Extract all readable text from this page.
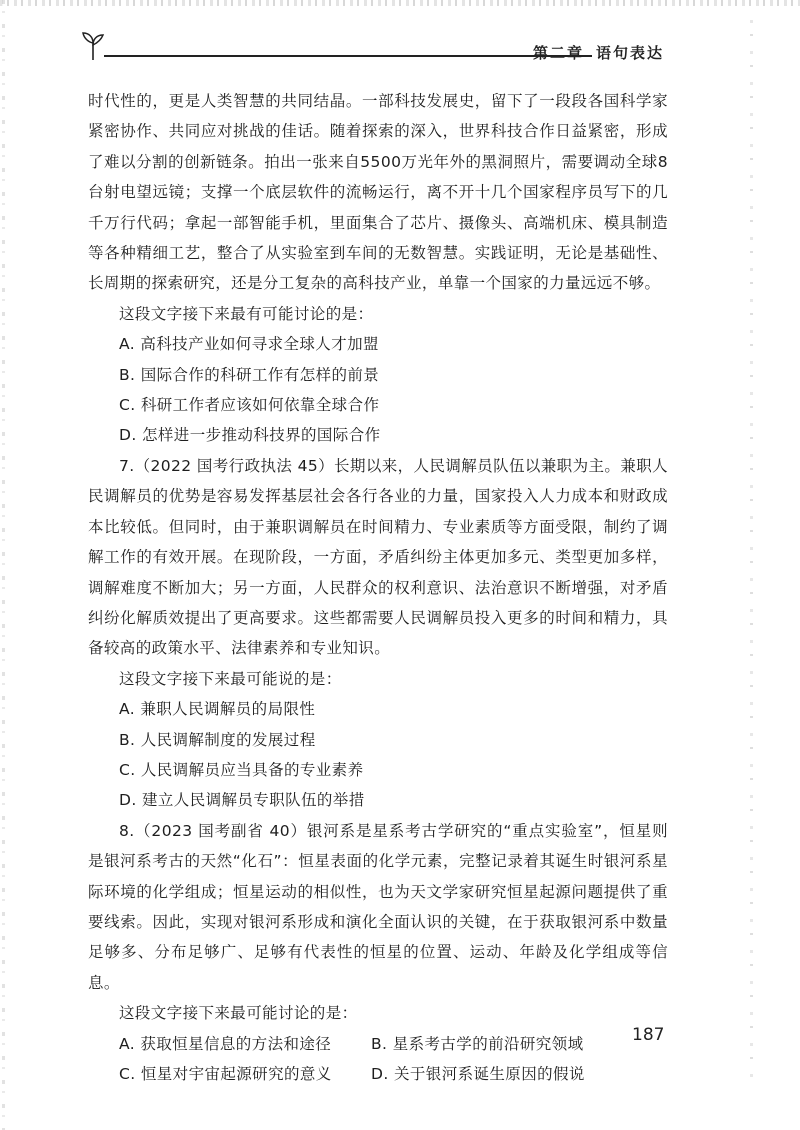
第二章 语句表达

时代性的，更是人类智慧的共同结晶。一部科技发展史，留下了一段段各国科学家紧密协作、共同应对挑战的佳话。随着探索的深入，世界科技合作日益紧密，形成了难以分割的创新链条。拍出一张来自5500万光年外的黑洞照片，需要调动全球8台射电望远镜；支撑一个底层软件的流畅运行，离不开十几个国家程序员写下的几千万行代码；拿起一部智能手机，里面集合了芯片、摄像头、高端机床、模具制造等各种精细工艺，整合了从实验室到车间的无数智慧。实践证明，无论是基础性、长周期的探索研究，还是分工复杂的高科技产业，单靠一个国家的力量远远不够。

这段文字接下来最有可能讨论的是：

A. 高科技产业如何寻求全球人才加盟

B. 国际合作的科研工作有怎样的前景

C. 科研工作者应该如何依靠全球合作

D. 怎样进一步推动科技界的国际合作

7.（2022 国考行政执法 45）长期以来，人民调解员队伍以兼职为主。兼职人民调解员的优势是容易发挥基层社会各行各业的力量，国家投入人力成本和财政成本比较低。但同时，由于兼职调解员在时间精力、专业素质等方面受限，制约了调解工作的有效开展。在现阶段，一方面，矛盾纠纷主体更加多元、类型更加多样，调解难度不断加大；另一方面，人民群众的权利意识、法治意识不断增强，对矛盾纠纷化解质效提出了更高要求。这些都需要人民调解员投入更多的时间和精力，具备较高的政策水平、法律素养和专业知识。

这段文字接下来最可能说的是：

A. 兼职人民调解员的局限性

B. 人民调解制度的发展过程

C. 人民调解员应当具备的专业素养

D. 建立人民调解员专职队伍的举措

8.（2023 国考副省 40）银河系是星系考古学研究的“重点实验室”，恒星则是银河系考古的天然“化石”：恒星表面的化学元素，完整记录着其诞生时银河系星际环境的化学组成；恒星运动的相似性，也为天文学家研究恒星起源问题提供了重要线索。因此，实现对银河系形成和演化全面认识的关键，在于获取银河系中数量足够多、分布足够广、足够有代表性的恒星的位置、运动、年龄及化学组成等信息。

这段文字接下来最可能讨论的是：

A. 获取恒星信息的方法和途径	B. 星系考古学的前沿研究领域
C. 恒星对宇宙起源研究的意义	D. 关于银河系诞生原因的假说
187
